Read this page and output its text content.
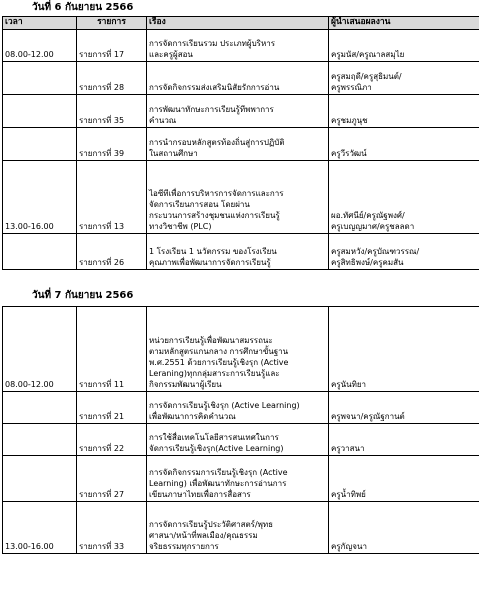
วันที่ 6 กันยายน 2566
เวลา	รายการ	เรื่อง	ผู้นำเสนอผลงาน
08.00-12.00	รายการที่ 17	การจัดการเรียนรวม ประเภทผู้บริหาร
และครูผู้สอน	ครูมนัส/ครูณาลสมุไย

	รายการที่ 28	การจัดกิจกรรมส่งเสริมนิสัยรักการอ่าน	ครูสมฤดี/ครูสุธิมนต์/
ครูพรรณิภา

	รายการที่ 35	การพัฒนาทักษะการเรียนรู้ทีพพาการ
คำนวณ	ครูชมภูนุช

	รายการที่ 39	การนำกรอบหลักสูตรท้องถิ่นสู่การปฏิบัติ
ในสถานศึกษา	ครูวีรวัฒน์

13.00-16.00	รายการที่ 13	ไอซีทีเพื่อการบริหารการจัดการและการ
จัดการเรียนการสอน โดยผ่าน
กระบวนการสร้างชุมชนแห่งการเรียนรู้
ทางวิชาชีพ (PLC)	ผอ.ทัศนีย์/ครูณัฐพงศ์/
ครูเบญญมาศ/ครูชลลดา

	รายการที่ 26	1 โรงเรียน 1 นวัตกรรม ของโรงเรียน
คุณภาพเพื่อพัฒนาการจัดการเรียนรู้	ครูสมหวัง/ครูบัณฑวรรณ/
ครูสิทธิพงษ์/ครูคมสัน
วันที่ 7 กันยายน 2566
08.00-12.00	รายการที่ 11	หน่วยการเรียนรู้เพื่อพัฒนาสมรรถนะ
ตามหลักสูตรแกนกลาง การศึกษาขั้นฐาน
พ.ศ.2551 ด้วยการเรียนรู้เชิงรุก (Active
Leraning)ทุกกลุ่มสาระการเรียนรู้และ
กิจกรรมพัฒนาผู้เรียน	ครูนันทิยา

	รายการที่ 21	การจัดการเรียนรู้เชิงรุก (Active Learning)
เพื่อพัฒนาการคิดคำนวณ	ครูพจนา/ครูณัฐกานต์

	รายการที่ 22	การใช้สื่อเทคโนโลยีสารสนเทศในการ
จัดการเรียนรู้เชิงรุก(Active Learning)	ครูวาสนา

	รายการที่ 27	การจัดกิจกรรมการเรียนรู้เชิงรุก (Active
Learning) เพื่อพัฒนาทักษะการอ่านการ
เขียนภาษาไทยเพื่อการสื่อสาร	ครูน้ำทิพย์

13.00-16.00	รายการที่ 33	การจัดการเรียนรู้ประวัติศาสตร์/พุทธ
ศาสนา/หน้าที่พลเมือง/คุณธรรม
จริยธรรมทุกรายการ	ครูกัญจนา
